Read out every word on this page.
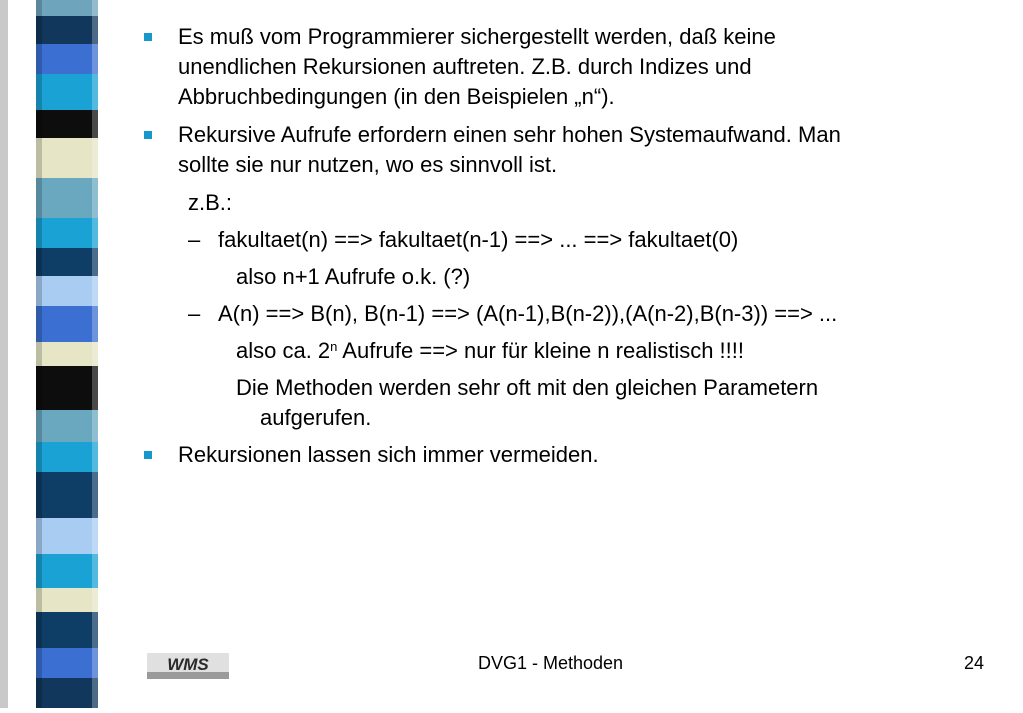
Es muß vom Programmierer sichergestellt werden, daß keine
unendlichen Rekursionen auftreten. Z.B. durch Indizes und
Abbruchbedingungen (in den Beispielen „n“).
Rekursive Aufrufe erfordern einen sehr hohen Systemaufwand. Man
sollte sie nur nutzen, wo es sinnvoll ist.
z.B.:
– fakultaet(n) ==> fakultaet(n-1) ==> ... ==> fakultaet(0)
also n+1 Aufrufe o.k. (?)
– A(n) ==> B(n), B(n-1) ==> (A(n-1),B(n-2)),(A(n-2),B(n-3)) ==> ...
also ca. 2$^n$ Aufrufe ==> nur für kleine n realistisch !!!!
Die Methoden werden sehr oft mit den gleichen Parametern
aufgerufen.
Rekursionen lassen sich immer vermeiden.
WMS	DVG1 - Methoden	24
